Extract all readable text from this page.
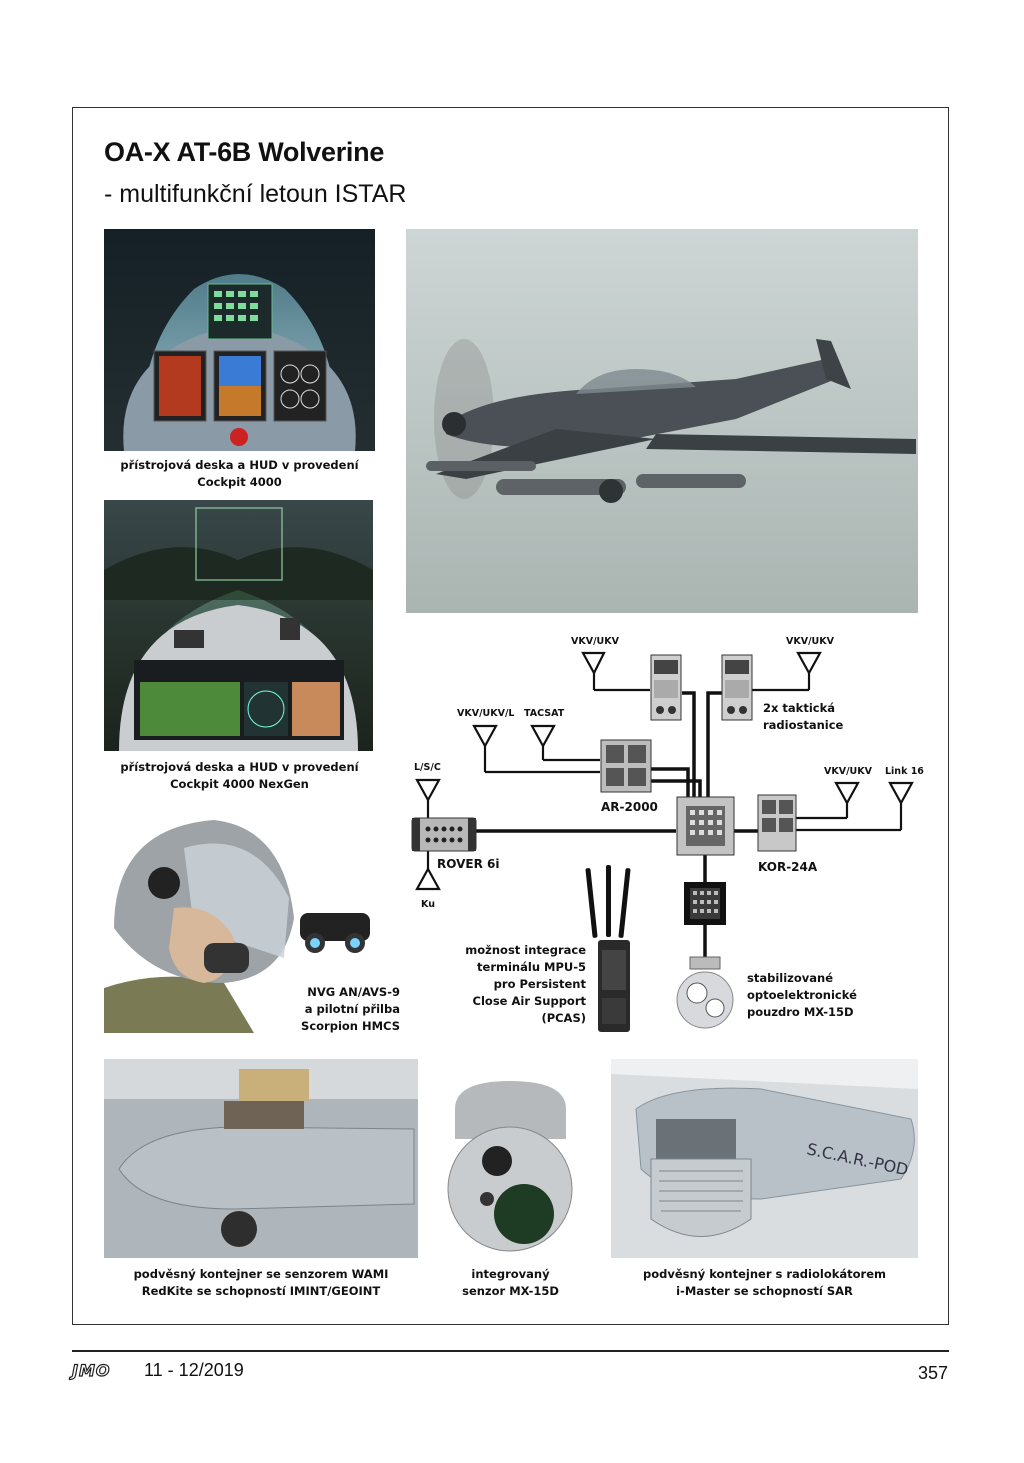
OA-X AT-6B Wolverine
- multifunkční letoun ISTAR
přístrojová deska a HUD v provedení
Cockpit 4000
přístrojová deska a HUD v provedení
Cockpit 4000 NexGen
NVG AN/AVS-9
a pilotní přilba
Scorpion HMCS
VKV/UKV	VKV/UKV
VKV/UKV/L TACSAT
L/S/C
Ku
VKV/UKV Link 16
2x taktická
radiostanice
AR-2000
ROVER 6i	KOR-24A
možnost integrace
terminálu MPU-5
pro Persistent
Close Air Support
(PCAS)
stabilizované
optoelektronické
pouzdro MX-15D
S.C.A.R.-POD
podvěsný kontejner se senzorem WAMI
RedKite se schopností IMINT/GEOINT
integrovaný
senzor MX-15D
podvěsný kontejner s radiolokátorem
i-Master se schopností SAR
JMO 11 - 12/2019	357
